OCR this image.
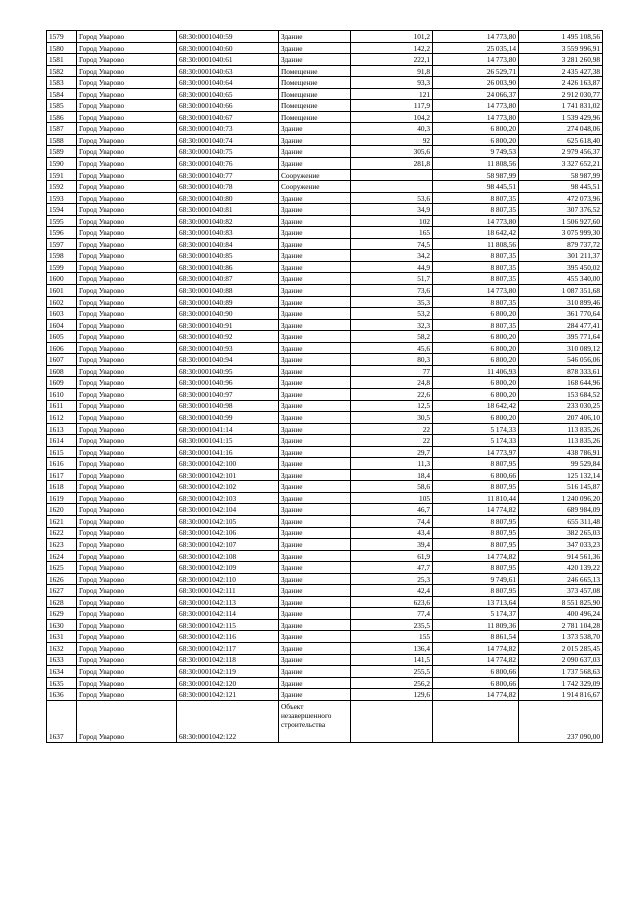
1579	Город Уварово	68:30:0001040:59	Здание	101,2	14 773,80	1 495 108,56
1580	Город Уварово	68:30:0001040:60	Здание	142,2	25 035,14	3 559 996,91
1581	Город Уварово	68:30:0001040:61	Здание	222,1	14 773,80	3 281 260,98
1582	Город Уварово	68:30:0001040:63	Помещение	91,8	26 529,71	2 435 427,38
1583	Город Уварово	68:30:0001040:64	Помещение	93,3	26 003,90	2 426 163,87
1584	Город Уварово	68:30:0001040:65	Помещение	121	24 066,37	2 912 030,77
1585	Город Уварово	68:30:0001040:66	Помещение	117,9	14 773,80	1 741 831,02
1586	Город Уварово	68:30:0001040:67	Помещение	104,2	14 773,80	1 539 429,96
1587	Город Уварово	68:30:0001040:73	Здание	40,3	6 800,20	274 048,06
1588	Город Уварово	68:30:0001040:74	Здание	92	6 800,20	625 618,40
1589	Город Уварово	68:30:0001040:75	Здание	305,6	9 749,53	2 979 456,37
1590	Город Уварово	68:30:0001040:76	Здание	281,8	11 808,56	3 327 652,21
1591	Город Уварово	68:30:0001040:77	Сооружение		58 987,99	58 987,99
1592	Город Уварово	68:30:0001040:78	Сооружение		98 445,51	98 445,51
1593	Город Уварово	68:30:0001040:80	Здание	53,6	8 807,35	472 073,96
1594	Город Уварово	68:30:0001040:81	Здание	34,9	8 807,35	307 376,52
1595	Город Уварово	68:30:0001040:82	Здание	102	14 773,80	1 506 927,60
1596	Город Уварово	68:30:0001040:83	Здание	165	18 642,42	3 075 999,30
1597	Город Уварово	68:30:0001040:84	Здание	74,5	11 808,56	879 737,72
1598	Город Уварово	68:30:0001040:85	Здание	34,2	8 807,35	301 211,37
1599	Город Уварово	68:30:0001040:86	Здание	44,9	8 807,35	395 450,02
1600	Город Уварово	68:30:0001040:87	Здание	51,7	8 807,35	455 340,00
1601	Город Уварово	68:30:0001040:88	Здание	73,6	14 773,80	1 087 351,68
1602	Город Уварово	68:30:0001040:89	Здание	35,3	8 807,35	310 899,46
1603	Город Уварово	68:30:0001040:90	Здание	53,2	6 800,20	361 770,64
1604	Город Уварово	68:30:0001040:91	Здание	32,3	8 807,35	284 477,41
1605	Город Уварово	68:30:0001040:92	Здание	58,2	6 800,20	395 771,64
1606	Город Уварово	68:30:0001040:93	Здание	45,6	6 800,20	310 089,12
1607	Город Уварово	68:30:0001040:94	Здание	80,3	6 800,20	546 056,06
1608	Город Уварово	68:30:0001040:95	Здание	77	11 406,93	878 333,61
1609	Город Уварово	68:30:0001040:96	Здание	24,8	6 800,20	168 644,96
1610	Город Уварово	68:30:0001040:97	Здание	22,6	6 800,20	153 684,52
1611	Город Уварово	68:30:0001040:98	Здание	12,5	18 642,42	233 030,25
1612	Город Уварово	68:30:0001040:99	Здание	30,5	6 800,20	207 406,10
1613	Город Уварово	68:30:0001041:14	Здание	22	5 174,33	113 835,26
1614	Город Уварово	68:30:0001041:15	Здание	22	5 174,33	113 835,26
1615	Город Уварово	68:30:0001041:16	Здание	29,7	14 773,97	438 786,91
1616	Город Уварово	68:30:0001042:100	Здание	11,3	8 807,95	99 529,84
1617	Город Уварово	68:30:0001042:101	Здание	18,4	6 800,66	125 132,14
1618	Город Уварово	68:30:0001042:102	Здание	58,6	8 807,95	516 145,87
1619	Город Уварово	68:30:0001042:103	Здание	105	11 810,44	1 240 096,20
1620	Город Уварово	68:30:0001042:104	Здание	46,7	14 774,82	689 984,09
1621	Город Уварово	68:30:0001042:105	Здание	74,4	8 807,95	655 311,48
1622	Город Уварово	68:30:0001042:106	Здание	43,4	8 807,95	382 265,03
1623	Город Уварово	68:30:0001042:107	Здание	39,4	8 807,95	347 033,23
1624	Город Уварово	68:30:0001042:108	Здание	61,9	14 774,82	914 561,36
1625	Город Уварово	68:30:0001042:109	Здание	47,7	8 807,95	420 139,22
1626	Город Уварово	68:30:0001042:110	Здание	25,3	9 749,61	246 665,13
1627	Город Уварово	68:30:0001042:111	Здание	42,4	8 807,95	373 457,08
1628	Город Уварово	68:30:0001042:113	Здание	623,6	13 713,64	8 551 825,90
1629	Город Уварово	68:30:0001042:114	Здание	77,4	5 174,37	400 496,24
1630	Город Уварово	68:30:0001042:115	Здание	235,5	11 809,36	2 781 104,28
1631	Город Уварово	68:30:0001042:116	Здание	155	8 861,54	1 373 538,70
1632	Город Уварово	68:30:0001042:117	Здание	136,4	14 774,82	2 015 285,45
1633	Город Уварово	68:30:0001042:118	Здание	141,5	14 774,82	2 090 637,03
1634	Город Уварово	68:30:0001042:119	Здание	255,5	6 800,66	1 737 568,63
1635	Город Уварово	68:30:0001042:120	Здание	256,2	6 800,66	1 742 329,09
1636	Город Уварово	68:30:0001042:121	Здание	129,6	14 774,82	1 914 816,67
1637	Город Уварово	68:30:0001042:122	Объект
незавершенного
строительства			237 090,00
